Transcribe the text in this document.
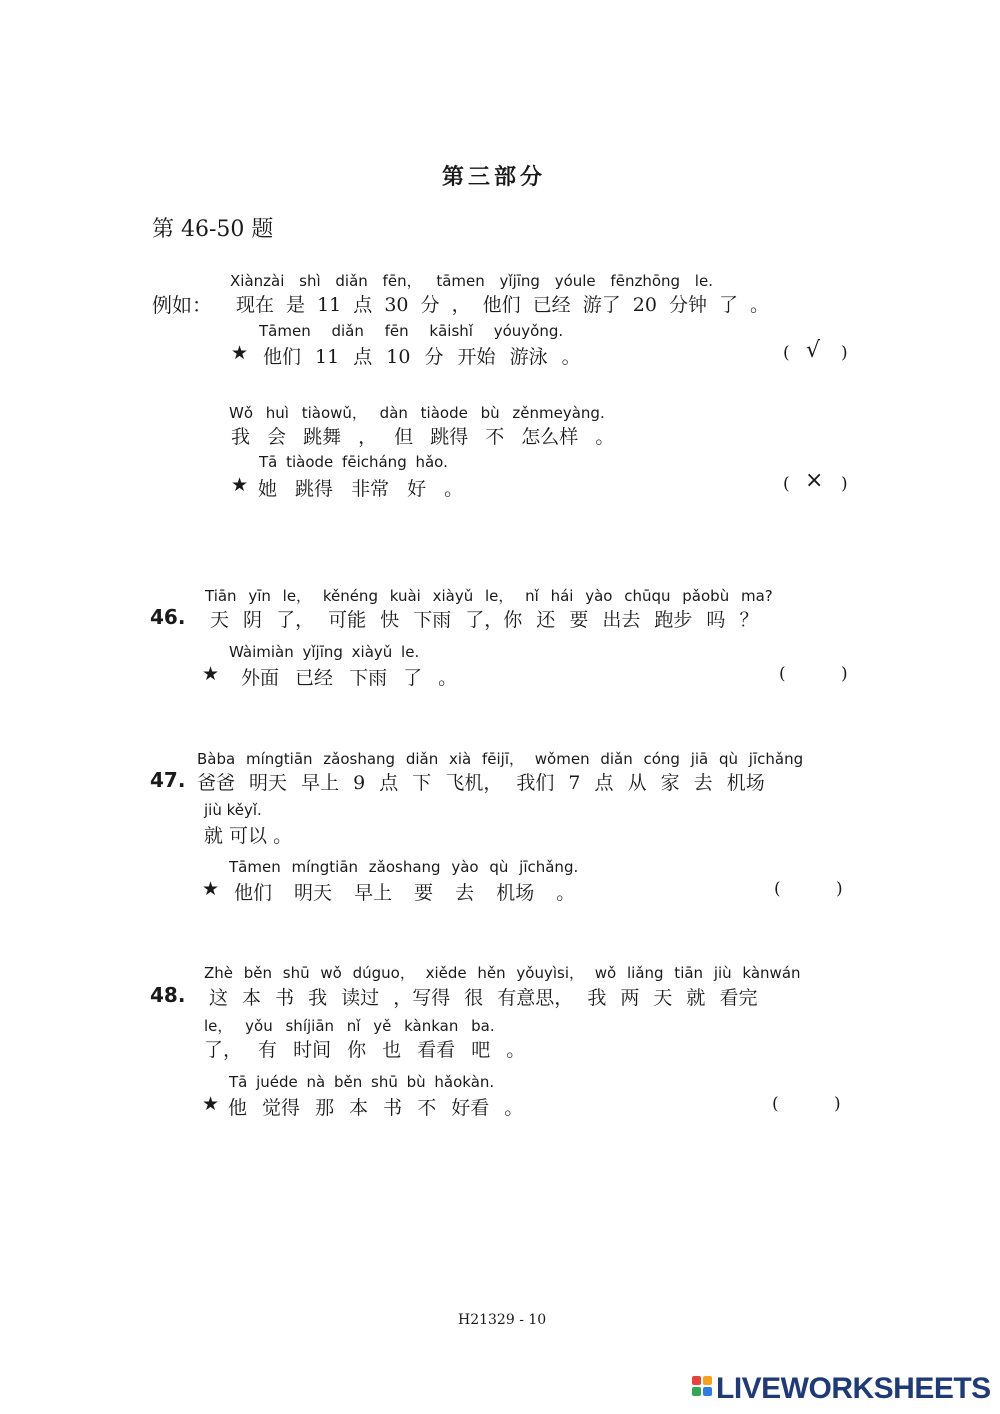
第三部分
第 46-50 题
Xiànzài shì diǎn fēn， tāmen yǐjīng yóule fēnzhōng le.
例如： 现在 是 11 点 30 分 ， 他们 已经 游了 20 分钟 了 。
Tāmen diǎn fēn kāishǐ yóuyǒng.
★ 他们 11 点 10 分 开始 游泳 。	( √ )
Wǒ huì tiàowǔ， dàn tiàode bù zěnmeyàng.
我 会 跳舞 ， 但 跳得 不 怎么样 。
Tā tiàode fēicháng hǎo.
★ 她 跳得 非常 好 。	( × )
Tiān yīn le， kěnéng kuài xiàyǔ le， nǐ hái yào chūqu pǎobù ma?
46. 天 阴 了， 可能 快 下雨 了，你 还 要 出去 跑步 吗 ？
Wàimiàn yǐjīng xiàyǔ le.
★ 外面 已经 下雨 了 。	(	)
Bàba míngtiān zǎoshang diǎn xià fēijī， wǒmen diǎn cóng jiā qù jīchǎng
47. 爸爸 明天 早上 9 点 下 飞机， 我们 7 点 从 家 去 机场
jiù kěyǐ.
就 可以 。
Tāmen míngtiān zǎoshang yào qù jīchǎng.
★ 他们 明天 早上 要 去 机场 。	(	)
Zhè běn shū wǒ dúguo， xiěde hěn yǒuyìsi， wǒ liǎng tiān jiù kànwán
48. 这 本 书 我 读过 ，写得 很 有意思， 我 两 天 就 看完
le， yǒu shíjiān nǐ yě kànkan ba.
了， 有 时间 你 也 看看 吧 。
Tā juéde nà běn shū bù hǎokàn.
★ 他 觉得 那 本 书 不 好看 。	(	)
H21329 - 10
LIVEWORKSHEETS
